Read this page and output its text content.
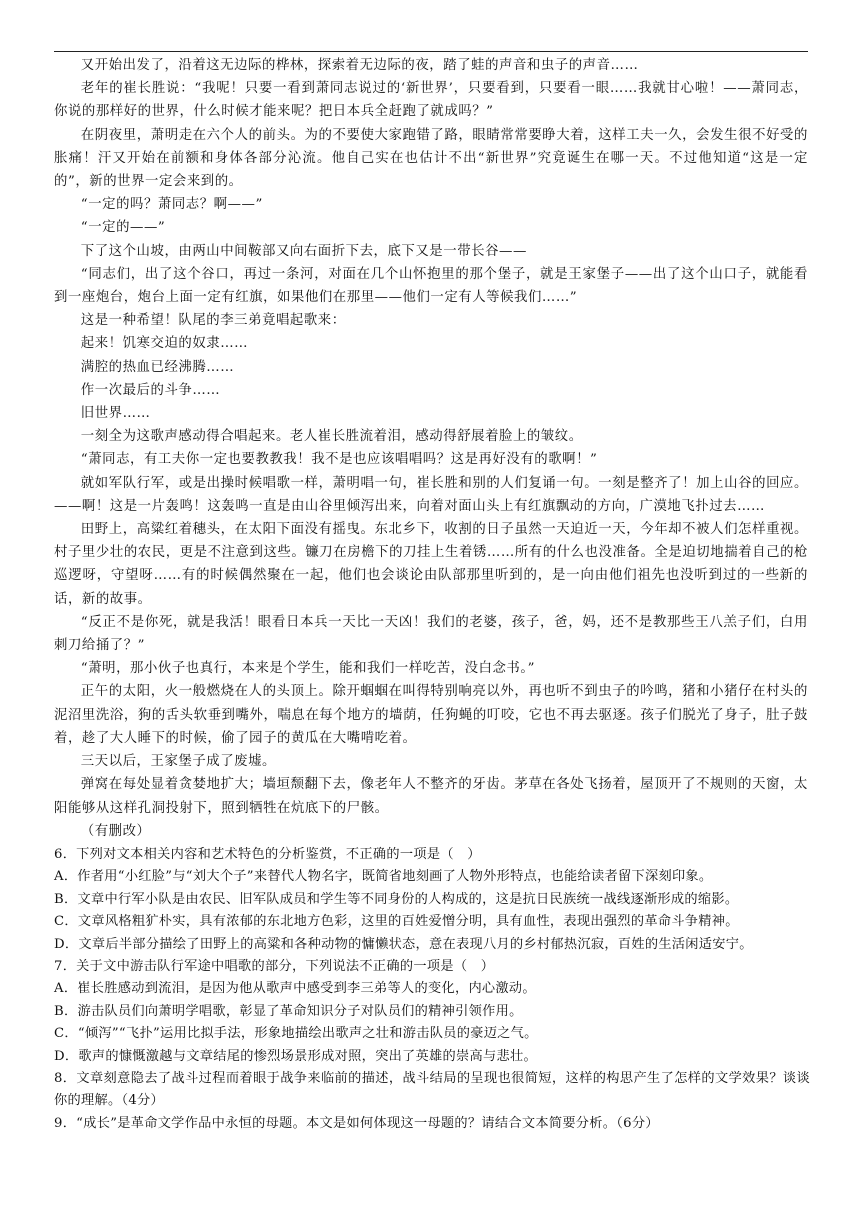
又开始出发了，沿着这无边际的桦林，探索着无边际的夜，踏了蛙的声音和虫子的声音……

老年的崔长胜说：“我呢！只要一看到萧同志说过的‘新世界’，只要看到，只要看一眼……我就甘心啦！——萧同志，你说的那样好的世界，什么时候才能来呢？把日本兵全赶跑了就成吗？”

在阴夜里，萧明走在六个人的前头。为的不要使大家跑错了路，眼睛常常要睁大着，这样工夫一久，会发生很不好受的胀痛！汗又开始在前额和身体各部分沁流。他自己实在也估计不出“新世界”究竟诞生在哪一天。不过他知道“这是一定的”，新的世界一定会来到的。

“一定的吗？萧同志？啊——”

“一定的——”

下了这个山坡，由两山中间鞍部又向右面折下去，底下又是一带长谷——

“同志们，出了这个谷口，再过一条河，对面在几个山怀抱里的那个堡子，就是王家堡子——出了这个山口子，就能看到一座炮台，炮台上面一定有红旗，如果他们在那里——他们一定有人等候我们……”

这是一种希望！队尾的李三弟竟唱起歌来：

起来！饥寒交迫的奴隶……

满腔的热血已经沸腾……

作一次最后的斗争……

旧世界……

一刻全为这歌声感动得合唱起来。老人崔长胜流着泪，感动得舒展着脸上的皱纹。

“萧同志，有工夫你一定也要教教我！我不是也应该唱唱吗？这是再好没有的歌啊！”

就如军队行军，或是出操时候唱歌一样，萧明唱一句，崔长胜和别的人们复诵一句。一刻是整齐了！加上山谷的回应。——啊！这是一片轰鸣！这轰鸣一直是由山谷里倾泻出来，向着对面山头上有红旗飘动的方向，广漠地飞扑过去……

田野上，高粱红着穗头，在太阳下面没有摇曳。东北乡下，收割的日子虽然一天迫近一天，今年却不被人们怎样重视。村子里少壮的农民，更是不注意到这些。镰刀在房檐下的刀挂上生着锈……所有的什么也没准备。全是迫切地揣着自己的枪巡逻呀，守望呀……有的时候偶然聚在一起，他们也会谈论由队部那里听到的，是一向由他们祖先也没听到过的一些新的话，新的故事。

“反正不是你死，就是我活！眼看日本兵一天比一天凶！我们的老婆，孩子，爸，妈，还不是教那些王八羔子们，白用刺刀给捅了？”

“萧明，那小伙子也真行，本来是个学生，能和我们一样吃苦，没白念书。”

正午的太阳，火一般燃烧在人的头顶上。除开蝈蝈在叫得特别响亮以外，再也听不到虫子的吟鸣，猪和小猪仔在村头的泥沼里洗浴，狗的舌头软垂到嘴外，喘息在每个地方的墙荫，任狗蝇的叮咬，它也不再去驱逐。孩子们脱光了身子，肚子鼓着，趁了大人睡下的时候，偷了园子的黄瓜在大嘴啃吃着。

三天以后，王家堡子成了废墟。

弹窝在每处显着贪婪地扩大；墙垣颓翻下去，像老年人不整齐的牙齿。茅草在各处飞扬着，屋顶开了不规则的天窗，太阳能够从这样孔洞投射下，照到牺牲在炕底下的尸骸。

（有删改）

6．下列对文本相关内容和艺术特色的分析鉴赏，不正确的一项是（　）

A．作者用“小红脸”与“刘大个子”来替代人物名字，既简省地刻画了人物外形特点，也能给读者留下深刻印象。

B．文章中行军小队是由农民、旧军队成员和学生等不同身份的人构成的，这是抗日民族统一战线逐渐形成的缩影。

C．文章风格粗犷朴实，具有浓郁的东北地方色彩，这里的百姓爱憎分明，具有血性，表现出强烈的革命斗争精神。

D．文章后半部分描绘了田野上的高粱和各种动物的慵懒状态，意在表现八月的乡村郁热沉寂，百姓的生活闲适安宁。

7．关于文中游击队行军途中唱歌的部分，下列说法不正确的一项是（　）

A．崔长胜感动到流泪，是因为他从歌声中感受到李三弟等人的变化，内心激动。

B．游击队员们向萧明学唱歌，彰显了革命知识分子对队员们的精神引领作用。

C．“倾泻”“飞扑”运用比拟手法，形象地描绘出歌声之壮和游击队员的豪迈之气。

D．歌声的慷慨激越与文章结尾的惨烈场景形成对照，突出了英雄的崇高与悲壮。

8．文章刻意隐去了战斗过程而着眼于战争来临前的描述，战斗结局的呈现也很简短，这样的构思产生了怎样的文学效果？谈谈你的理解。（4分）

9．“成长”是革命文学作品中永恒的母题。本文是如何体现这一母题的？请结合文本简要分析。（6分）
